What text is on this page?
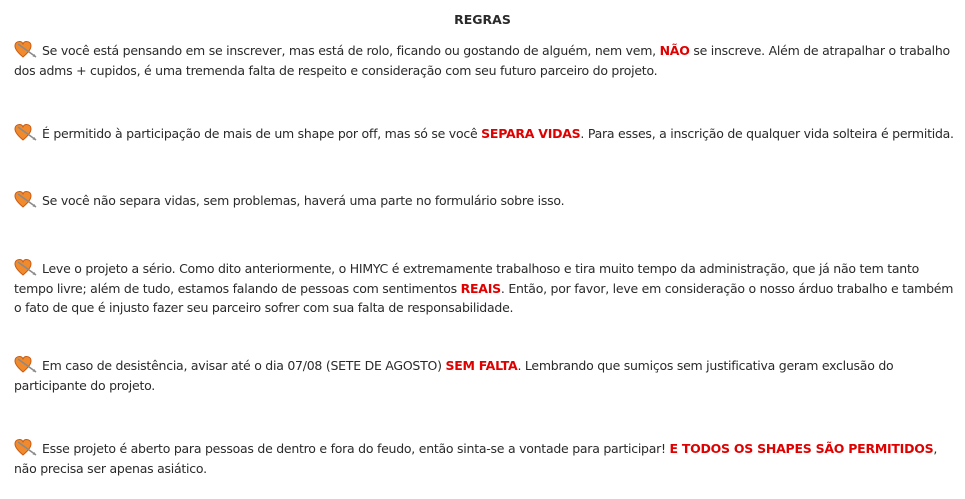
REGRAS

Se você está pensando em se inscrever, mas está de rolo, ficando ou gostando de alguém, nem vem, NÃO se inscreve. Além de atrapalhar o trabalho dos adms + cupidos, é uma tremenda falta de respeito e consideração com seu futuro parceiro do projeto.

É permitido à participação de mais de um shape por off, mas só se você SEPARA VIDAS. Para esses, a inscrição de qualquer vida solteira é permitida.

Se você não separa vidas, sem problemas, haverá uma parte no formulário sobre isso.

Leve o projeto a sério. Como dito anteriormente, o HIMYC é extremamente trabalhoso e tira muito tempo da administração, que já não tem tanto tempo livre; além de tudo, estamos falando de pessoas com sentimentos REAIS. Então, por favor, leve em consideração o nosso árduo trabalho e também o fato de que é injusto fazer seu parceiro sofrer com sua falta de responsabilidade.

Em caso de desistência, avisar até o dia 07/08 (SETE DE AGOSTO) SEM FALTA. Lembrando que sumiços sem justificativa geram exclusão do participante do projeto.

Esse projeto é aberto para pessoas de dentro e fora do feudo, então sinta-se a vontade para participar! E TODOS OS SHAPES SÃO PERMITIDOS, não precisa ser apenas asiático.
